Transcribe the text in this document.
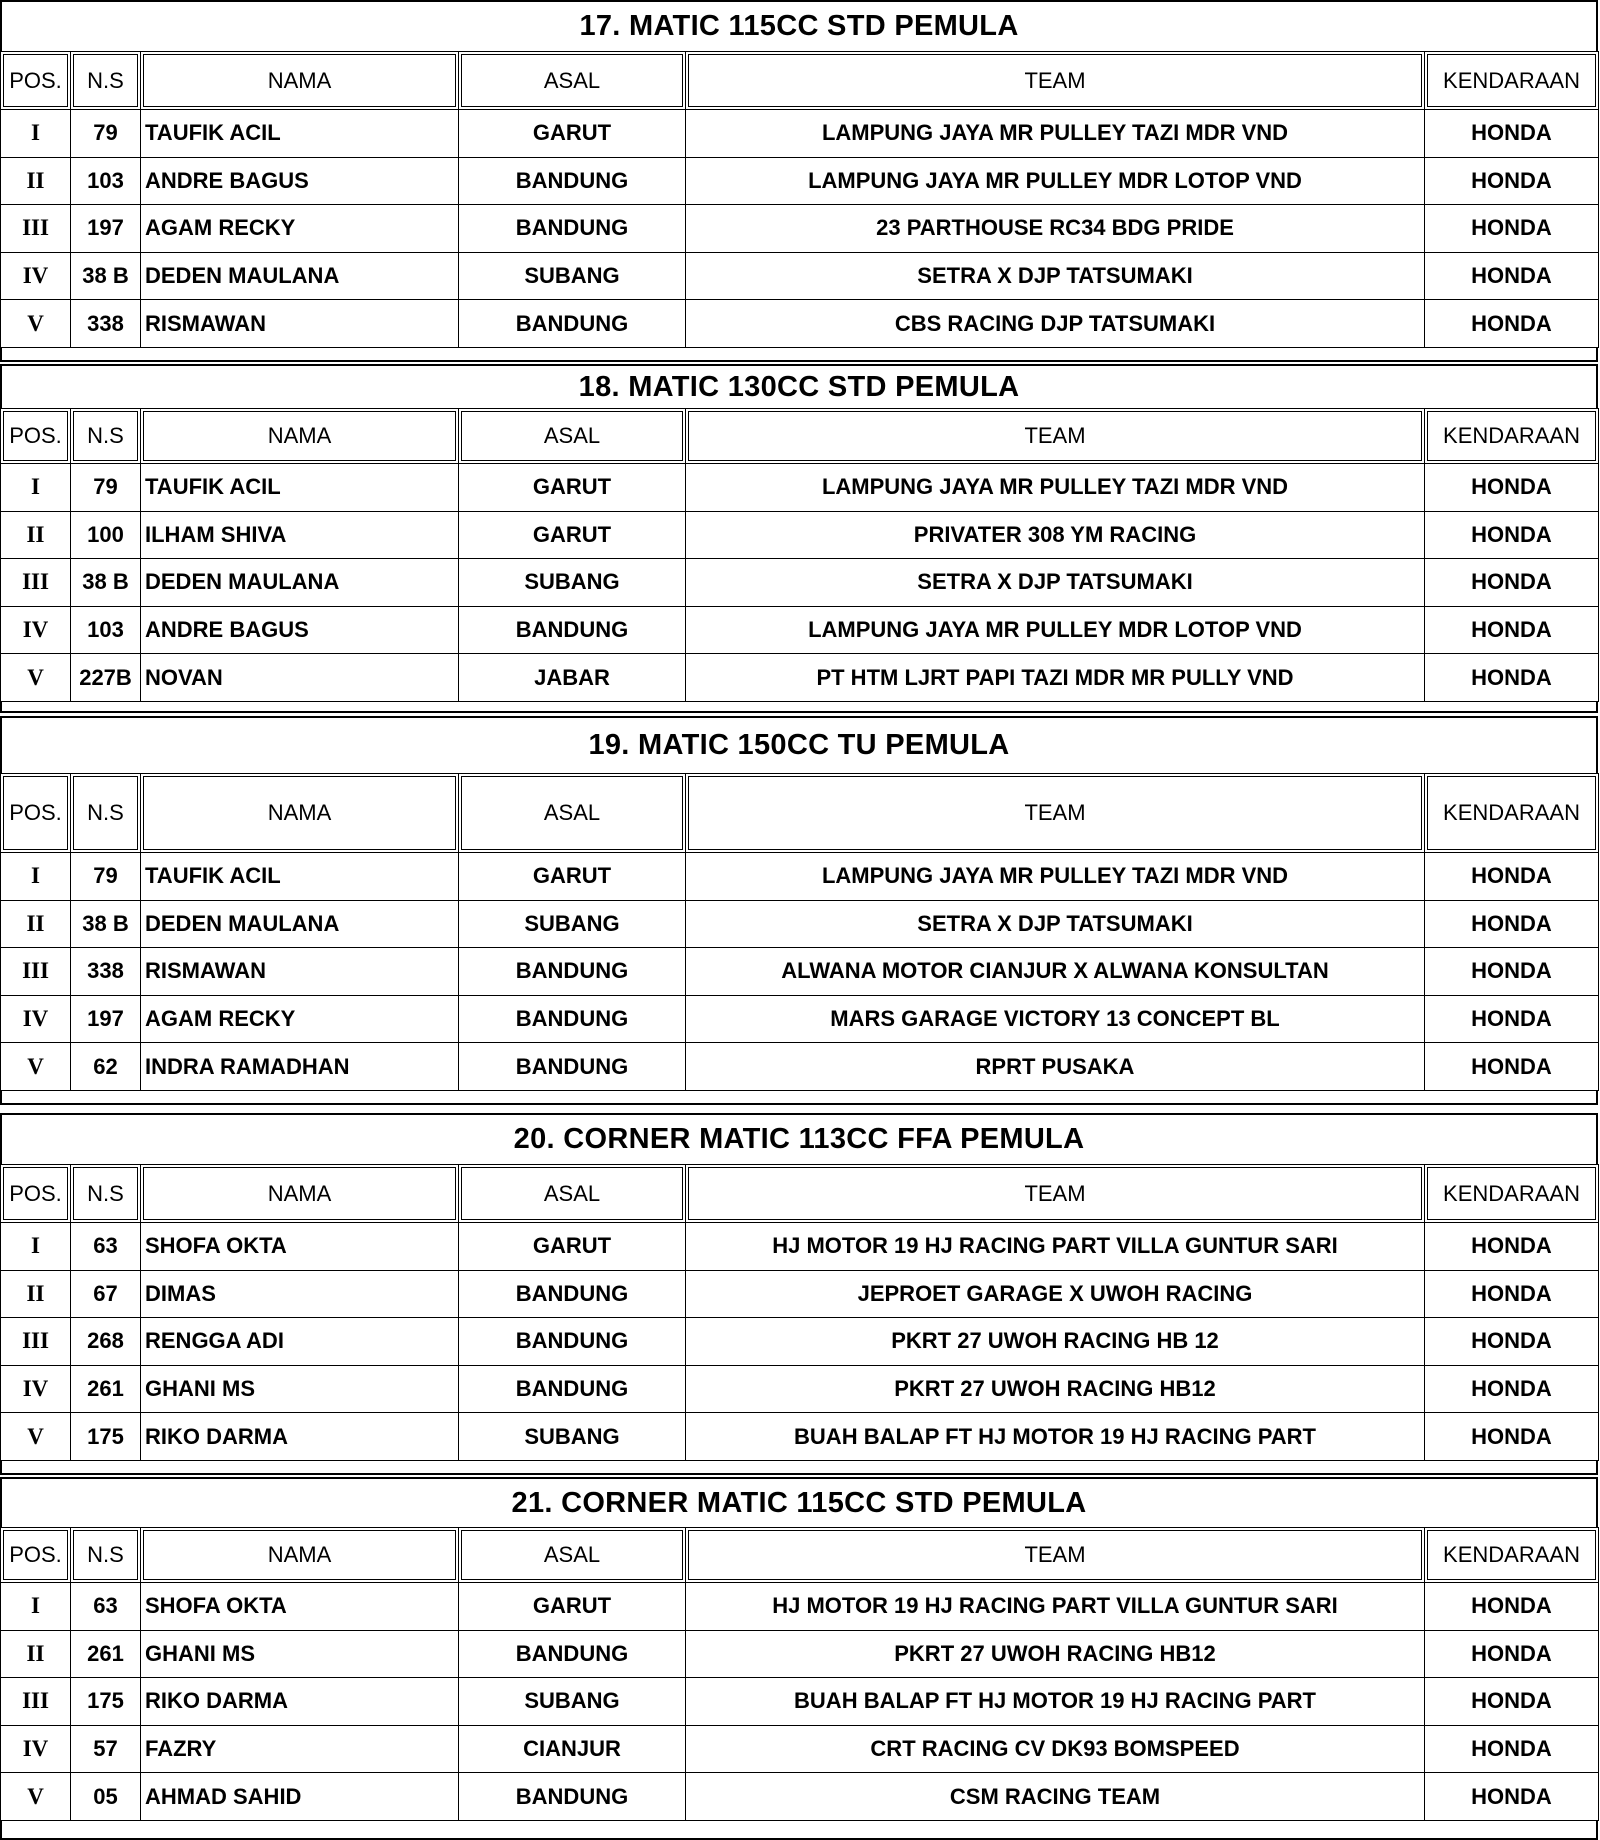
17. MATIC 115CC STD PEMULA
POS.	N.S	NAMA	ASAL	TEAM	KENDARAAN
I	79	TAUFIK ACIL	GARUT	LAMPUNG JAYA MR PULLEY TAZI MDR VND	HONDA
II	103	ANDRE BAGUS	BANDUNG	LAMPUNG JAYA MR PULLEY MDR LOTOP VND	HONDA
III	197	AGAM RECKY	BANDUNG	23 PARTHOUSE RC34 BDG PRIDE	HONDA
IV	38 B	DEDEN MAULANA	SUBANG	SETRA X DJP TATSUMAKI	HONDA
V	338	RISMAWAN	BANDUNG	CBS RACING DJP TATSUMAKI	HONDA
18. MATIC 130CC STD PEMULA
POS.	N.S	NAMA	ASAL	TEAM	KENDARAAN
I	79	TAUFIK ACIL	GARUT	LAMPUNG JAYA MR PULLEY TAZI MDR VND	HONDA
II	100	ILHAM SHIVA	GARUT	PRIVATER 308 YM RACING	HONDA
III	38 B	DEDEN MAULANA	SUBANG	SETRA X DJP TATSUMAKI	HONDA
IV	103	ANDRE BAGUS	BANDUNG	LAMPUNG JAYA MR PULLEY MDR LOTOP VND	HONDA
V	227B	NOVAN	JABAR	PT HTM LJRT PAPI TAZI MDR MR PULLY VND	HONDA
19. MATIC 150CC TU PEMULA
POS.	N.S	NAMA	ASAL	TEAM	KENDARAAN
I	79	TAUFIK ACIL	GARUT	LAMPUNG JAYA MR PULLEY TAZI MDR VND	HONDA
II	38 B	DEDEN MAULANA	SUBANG	SETRA X DJP TATSUMAKI	HONDA
III	338	RISMAWAN	BANDUNG	ALWANA MOTOR CIANJUR X ALWANA KONSULTAN	HONDA
IV	197	AGAM RECKY	BANDUNG	MARS GARAGE VICTORY 13 CONCEPT BL	HONDA
V	62	INDRA RAMADHAN	BANDUNG	RPRT PUSAKA	HONDA
20. CORNER MATIC 113CC FFA PEMULA
POS.	N.S	NAMA	ASAL	TEAM	KENDARAAN
I	63	SHOFA OKTA	GARUT	HJ MOTOR 19 HJ RACING PART VILLA GUNTUR SARI	HONDA
II	67	DIMAS	BANDUNG	JEPROET GARAGE X UWOH RACING	HONDA
III	268	RENGGA ADI	BANDUNG	PKRT 27 UWOH RACING HB 12	HONDA
IV	261	GHANI MS	BANDUNG	PKRT 27 UWOH RACING HB12	HONDA
V	175	RIKO DARMA	SUBANG	BUAH BALAP FT HJ MOTOR 19 HJ RACING PART	HONDA
21. CORNER MATIC 115CC STD PEMULA
POS.	N.S	NAMA	ASAL	TEAM	KENDARAAN
I	63	SHOFA OKTA	GARUT	HJ MOTOR 19 HJ RACING PART VILLA GUNTUR SARI	HONDA
II	261	GHANI MS	BANDUNG	PKRT 27 UWOH RACING HB12	HONDA
III	175	RIKO DARMA	SUBANG	BUAH BALAP FT HJ MOTOR 19 HJ RACING PART	HONDA
IV	57	FAZRY	CIANJUR	CRT RACING CV DK93 BOMSPEED	HONDA
V	05	AHMAD SAHID	BANDUNG	CSM RACING TEAM	HONDA
